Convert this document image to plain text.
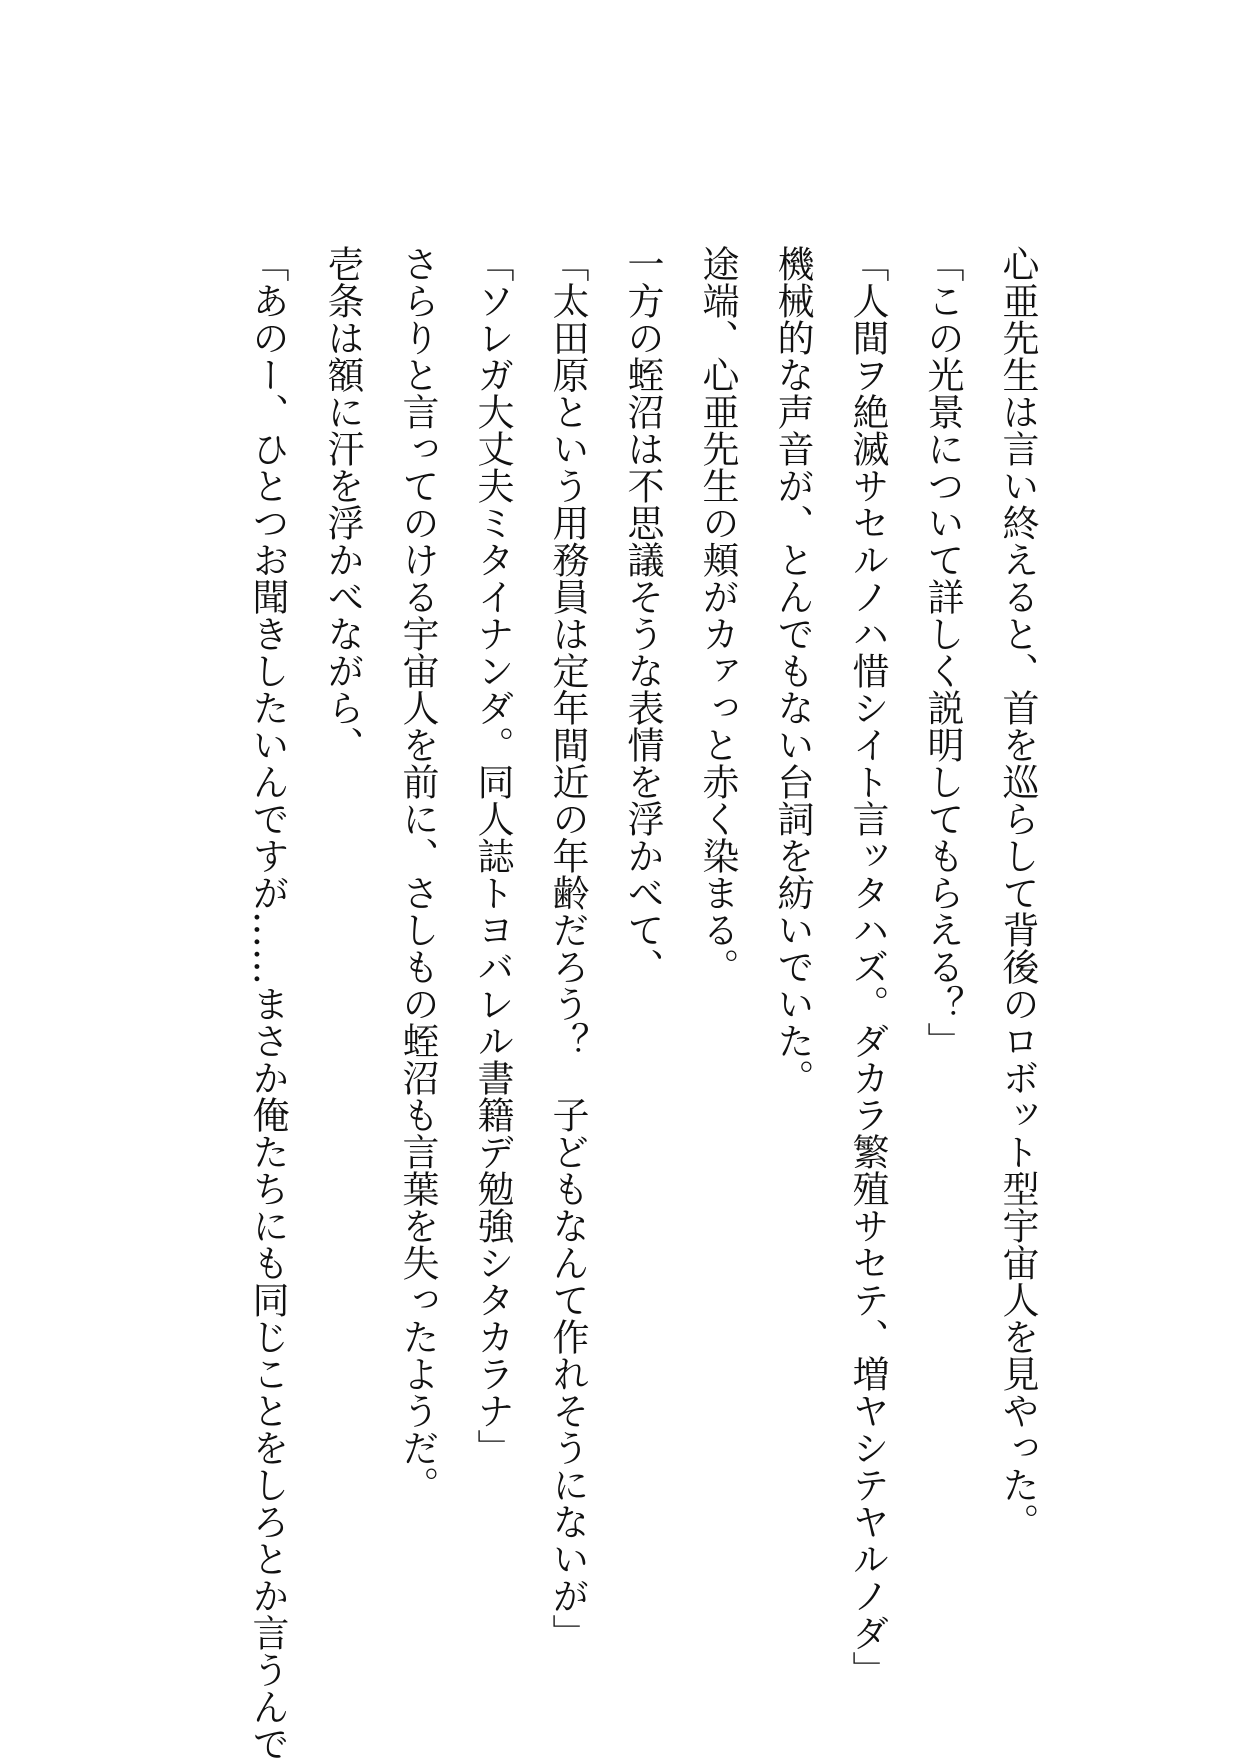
心亜先生は言い終えると、首を巡らして背後のロボット型宇宙人を見やった。

「この光景について詳しく説明してもらえる？」

「人間ヲ絶滅サセルノハ惜シイト言ッタハズ。ダカラ繁殖サセテ、増ヤシテヤルノダ」

機械的な声音が、とんでもない台詞を紡いでいた。

途端、心亜先生の頬がカァっと赤く染まる。

一方の蛭沼は不思議そうな表情を浮かべて、

「太田原という用務員は定年間近の年齢だろう？　子どもなんて作れそうにないが」

「ソレガ大丈夫ミタイナンダ。同人誌トヨバレル書籍デ勉強シタカラナ」

さらりと言ってのける宇宙人を前に、さしもの蛭沼も言葉を失ったようだ。

壱条は額に汗を浮かべながら、

「あのー、ひとつお聞きしたいんですが……まさか俺たちにも同じことをしろとか言うんで
